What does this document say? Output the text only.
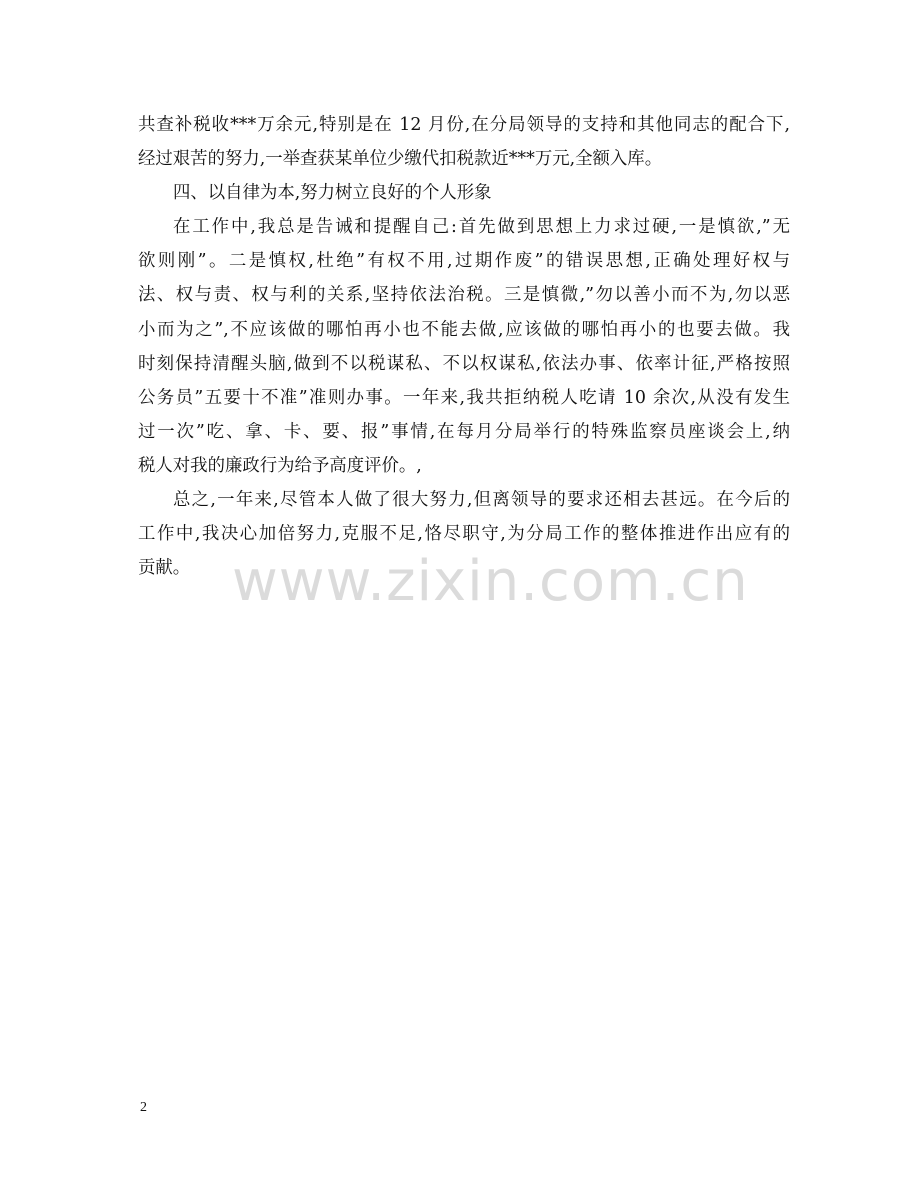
共查补税收***万余元,特别是在 12 月份,在分局领导的支持和其他同志的配合下,
经过艰苦的努力,一举查获某单位少缴代扣税款近***万元,全额入库。
四、以自律为本,努力树立良好的个人形象
在工作中,我总是告诫和提醒自己:首先做到思想上力求过硬,一是慎欲,”无
欲则刚”。二是慎权,杜绝”有权不用,过期作废”的错误思想,正确处理好权与
法、权与责、权与利的关系,坚持依法治税。三是慎微,”勿以善小而不为,勿以恶
小而为之”,不应该做的哪怕再小也不能去做,应该做的哪怕再小的也要去做。我
时刻保持清醒头脑,做到不以税谋私、不以权谋私,依法办事、依率计征,严格按照
公务员”五要十不准”准则办事。一年来,我共拒纳税人吃请 10 余次,从没有发生
过一次”吃、拿、卡、要、报”事情,在每月分局举行的特殊监察员座谈会上,纳
税人对我的廉政行为给予高度评价。,
总之,一年来,尽管本人做了很大努力,但离领导的要求还相去甚远。在今后的
工作中,我决心加倍努力,克服不足,恪尽职守,为分局工作的整体推进作出应有的
贡献。 www.zixin.com.cn
2
